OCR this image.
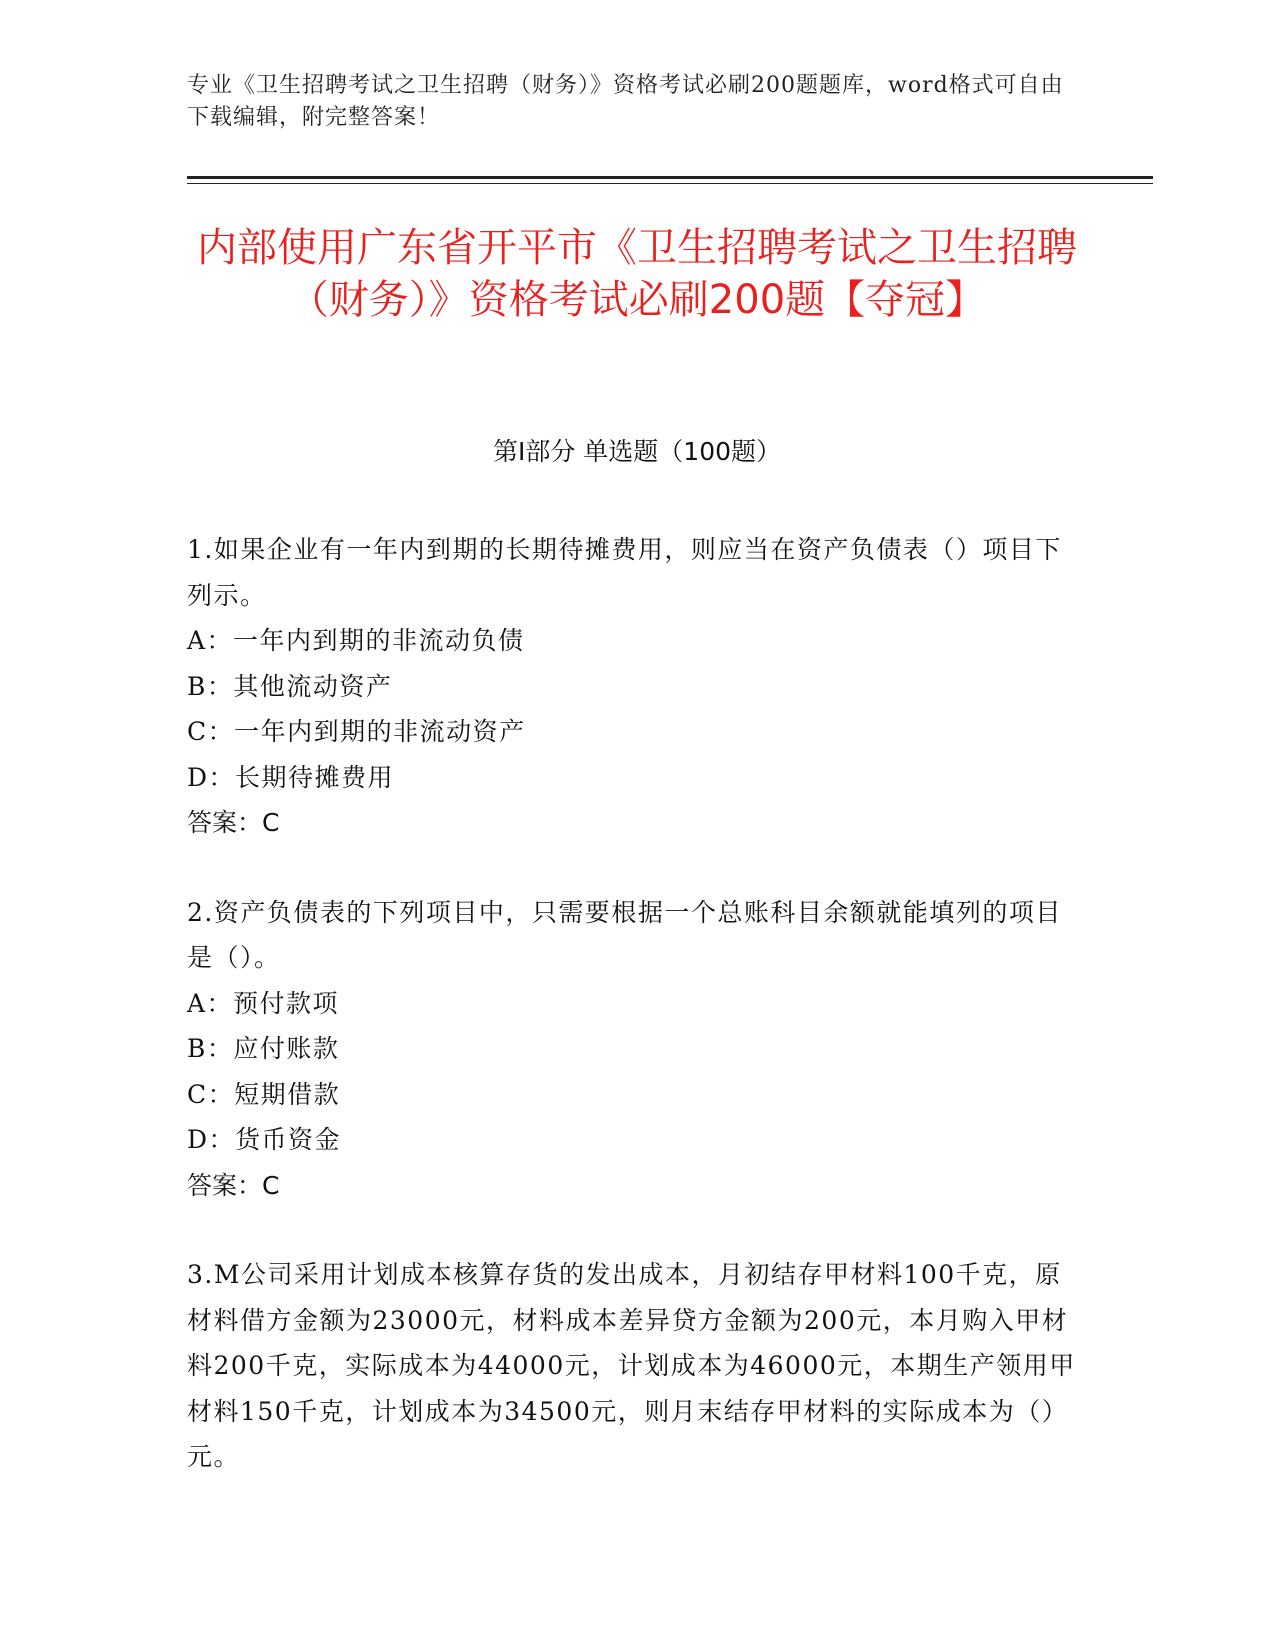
专业《卫生招聘考试之卫生招聘（财务）》资格考试必刷200题题库，word格式可自由下载编辑，附完整答案！
内部使用广东省开平市《卫生招聘考试之卫生招聘（财务）》资格考试必刷200题【夺冠】
第Ⅰ部分 单选题（100题）

1.如果企业有一年内到期的长期待摊费用，则应当在资产负债表（）项目下列示。

A：一年内到期的非流动负债

B：其他流动资产

C：一年内到期的非流动资产

D：长期待摊费用

答案：C

2.资产负债表的下列项目中，只需要根据一个总账科目余额就能填列的项目是（）。

A：预付款项

B：应付账款

C：短期借款

D：货币资金

答案：C

3.M公司采用计划成本核算存货的发出成本，月初结存甲材料100千克，原材料借方金额为23000元，材料成本差异贷方金额为200元，本月购入甲材料200千克，实际成本为44000元，计划成本为46000元，本期生产领用甲材料150千克，计划成本为34500元，则月末结存甲材料的实际成本为（）元。
